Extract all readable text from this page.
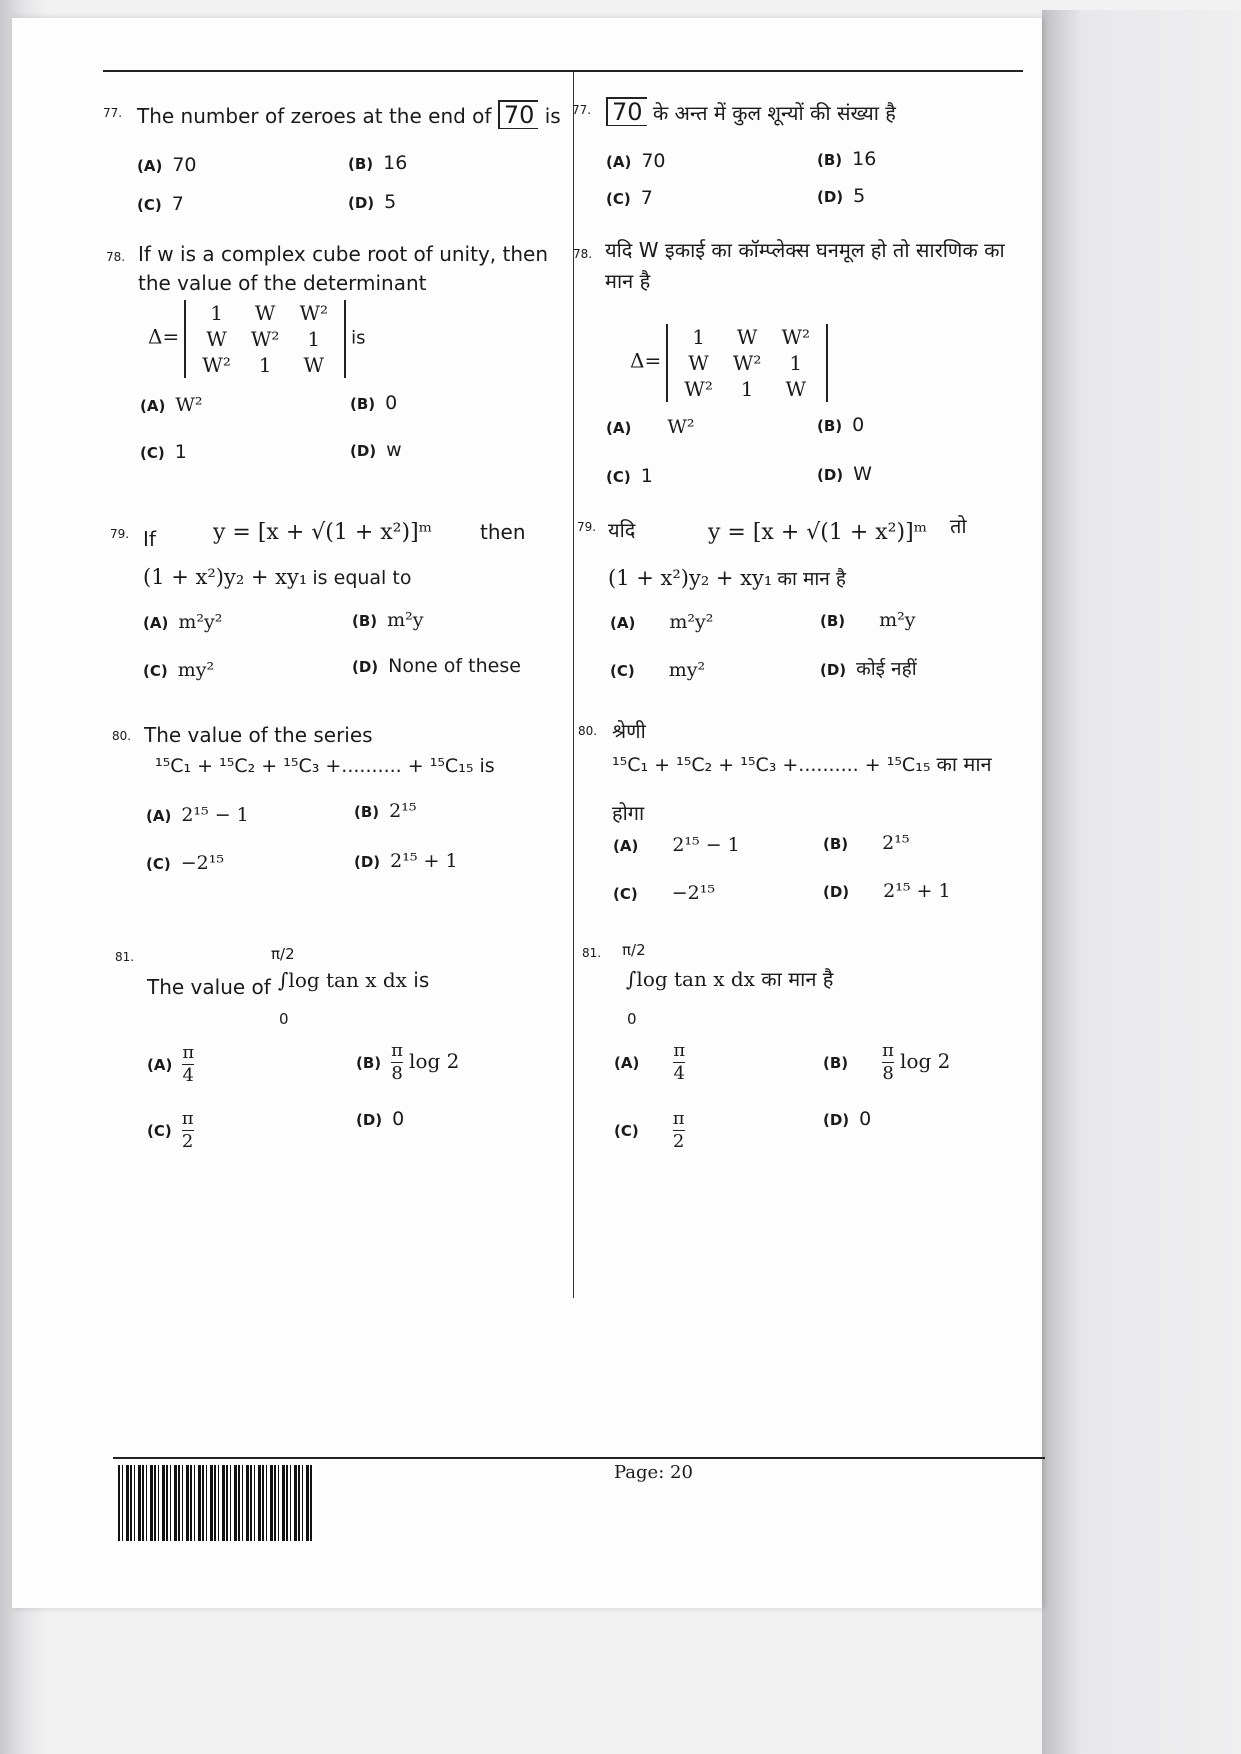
77. The number of zeroes at the end of 70 is
(A) 70	(B) 16
(C) 7	(D) 5
77. 70 के अन्त में कुल शून्यों की संख्या है
(A) 70	(B) 16
(C) 7	(D) 5
78. If w is a complex cube root of unity, then the value of the determinant
Δ=
1	W	W²
W	W²	1
W²	1	W
is
(A) W²	(B) 0
(C) 1	(D) w
78. यदि W इकाई का कॉम्प्लेक्स घनमूल हो तो सारणिक का मान है
Δ=
1	W	W²
W	W²	1
W²	1	W
(A) W²	(B) 0
(C) 1	(D) W
79. If	y = [x + √(1 + x²)]ᵐ then
(1 + x²)y₂ + xy₁ is equal to
(A) m²y²	(B) m²y
(C) my²	(D) None of these
79. यदि	y = [x + √(1 + x²)]ᵐ तो
(1 + x²)y₂ + xy₁ का मान है
(A) m²y²	(B) m²y
(C) my²	(D) कोई नहीं
80. The value of the series
¹⁵C₁ + ¹⁵C₂ + ¹⁵C₃ +.......... + ¹⁵C₁₅ is
(A) 2¹⁵ − 1	(B) 2¹⁵
(C) −2¹⁵	(D) 2¹⁵ + 1
80. श्रेणी
¹⁵C₁ + ¹⁵C₂ + ¹⁵C₃ +.......... + ¹⁵C₁₅ का मान
होगा
(A) 2¹⁵ − 1	(B) 2¹⁵
(C) −2¹⁵	(D) 2¹⁵ + 1
81.	π/2
The value of ∫log tan x dx is
0
$(A) \frac{\pi}{4}$	$(B) \frac{\pi}{8}$ log 2
$(C) \frac{\pi}{2}$	(D) 0
81. π/2
∫log tan x dx का मान है
0
$(A) \frac{\pi}{4}$	$(B) \frac{\pi}{8}$ log 2
$(C) \frac{\pi}{2}$	(D) 0
Page: 20
